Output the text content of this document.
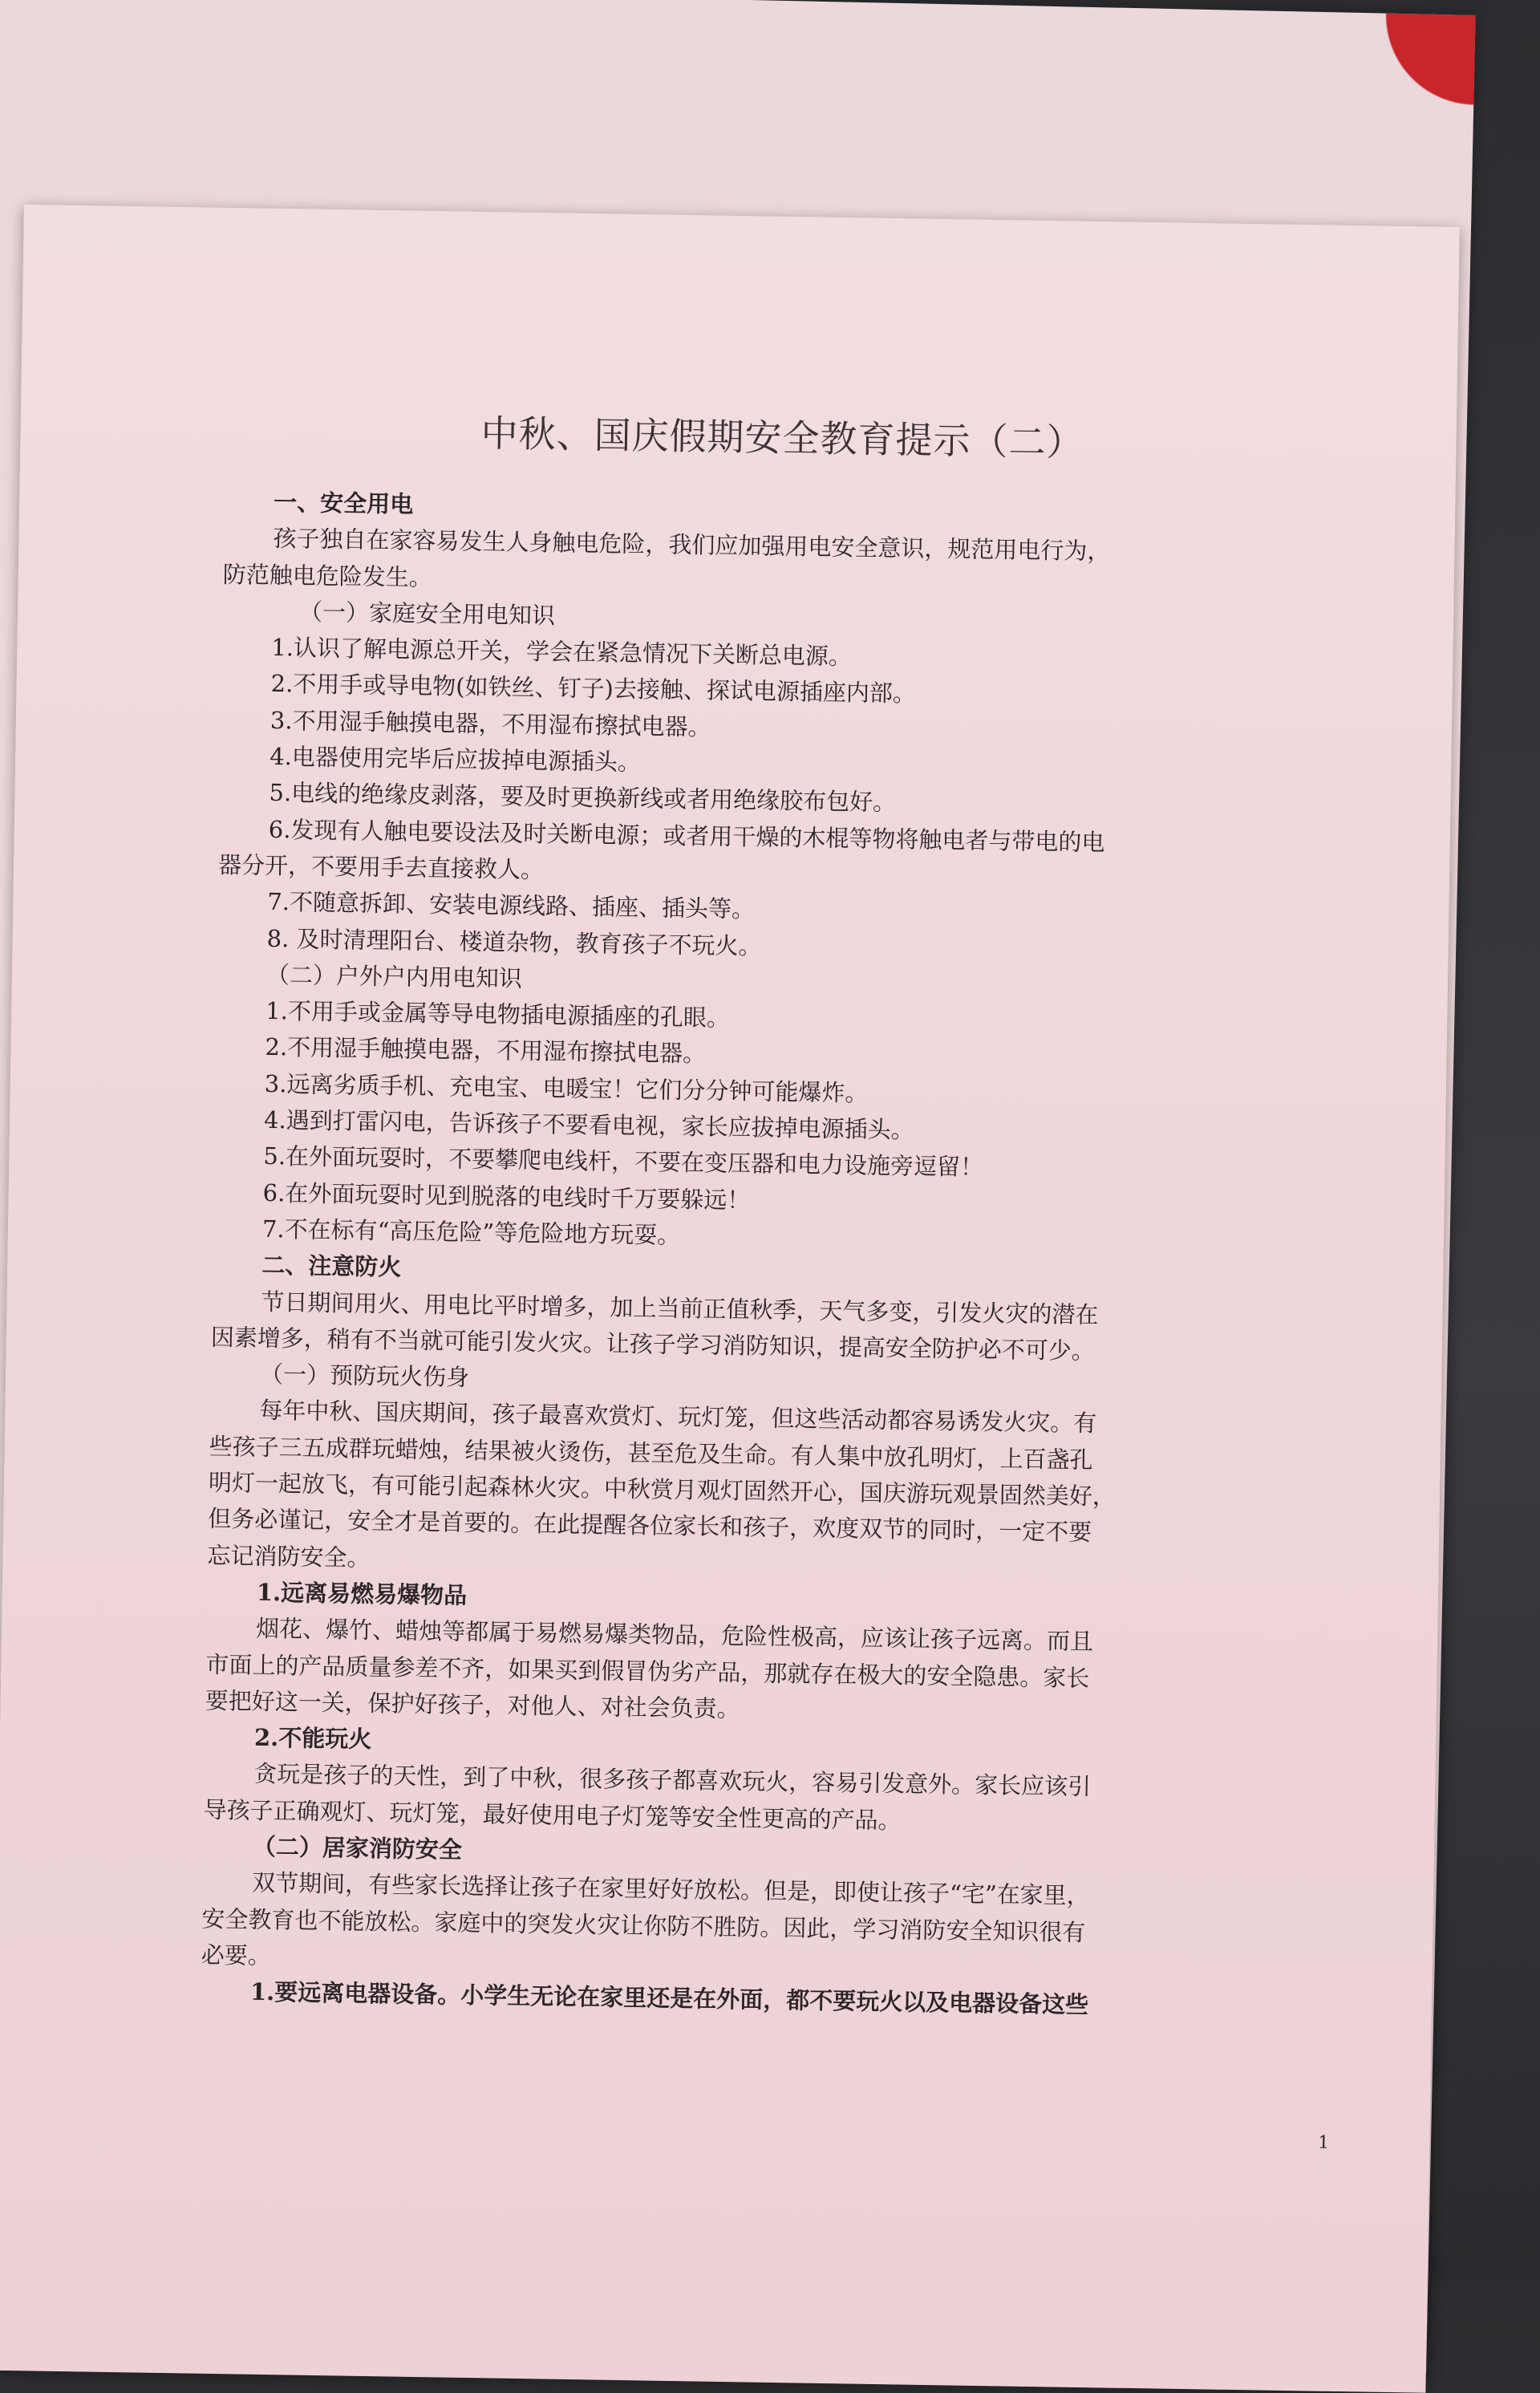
中秋、国庆假期安全教育提示（二）

一、安全用电

孩子独自在家容易发生人身触电危险，我们应加强用电安全意识，规范用电行为，

防范触电危险发生。

（一）家庭安全用电知识

1.认识了解电源总开关，学会在紧急情况下关断总电源。

2.不用手或导电物(如铁丝、钉子)去接触、探试电源插座内部。

3.不用湿手触摸电器，不用湿布擦拭电器。

4.电器使用完毕后应拔掉电源插头。

5.电线的绝缘皮剥落，要及时更换新线或者用绝缘胶布包好。

6.发现有人触电要设法及时关断电源；或者用干燥的木棍等物将触电者与带电的电

器分开，不要用手去直接救人。

7.不随意拆卸、安装电源线路、插座、插头等。

8. 及时清理阳台、楼道杂物，教育孩子不玩火。

（二）户外户内用电知识

1.不用手或金属等导电物插电源插座的孔眼。

2.不用湿手触摸电器，不用湿布擦拭电器。

3.远离劣质手机、充电宝、电暖宝！它们分分钟可能爆炸。

4.遇到打雷闪电，告诉孩子不要看电视，家长应拔掉电源插头。

5.在外面玩耍时，不要攀爬电线杆，不要在变压器和电力设施旁逗留！

6.在外面玩耍时见到脱落的电线时千万要躲远！

7.不在标有“高压危险”等危险地方玩耍。

二、注意防火

节日期间用火、用电比平时增多，加上当前正值秋季，天气多变，引发火灾的潜在

因素增多，稍有不当就可能引发火灾。让孩子学习消防知识，提高安全防护必不可少。

（一）预防玩火伤身

每年中秋、国庆期间，孩子最喜欢赏灯、玩灯笼，但这些活动都容易诱发火灾。有

些孩子三五成群玩蜡烛，结果被火烫伤，甚至危及生命。有人集中放孔明灯，上百盏孔

明灯一起放飞，有可能引起森林火灾。中秋赏月观灯固然开心，国庆游玩观景固然美好，

但务必谨记，安全才是首要的。在此提醒各位家长和孩子，欢度双节的同时，一定不要

忘记消防安全。

1.远离易燃易爆物品

烟花、爆竹、蜡烛等都属于易燃易爆类物品，危险性极高，应该让孩子远离。而且

市面上的产品质量参差不齐，如果买到假冒伪劣产品，那就存在极大的安全隐患。家长

要把好这一关，保护好孩子，对他人、对社会负责。

2.不能玩火

贪玩是孩子的天性，到了中秋，很多孩子都喜欢玩火，容易引发意外。家长应该引

导孩子正确观灯、玩灯笼，最好使用电子灯笼等安全性更高的产品。

（二）居家消防安全

双节期间，有些家长选择让孩子在家里好好放松。但是，即使让孩子“宅”在家里，

安全教育也不能放松。家庭中的突发火灾让你防不胜防。因此，学习消防安全知识很有

必要。

1.要远离电器设备。小学生无论在家里还是在外面，都不要玩火以及电器设备这些

1
